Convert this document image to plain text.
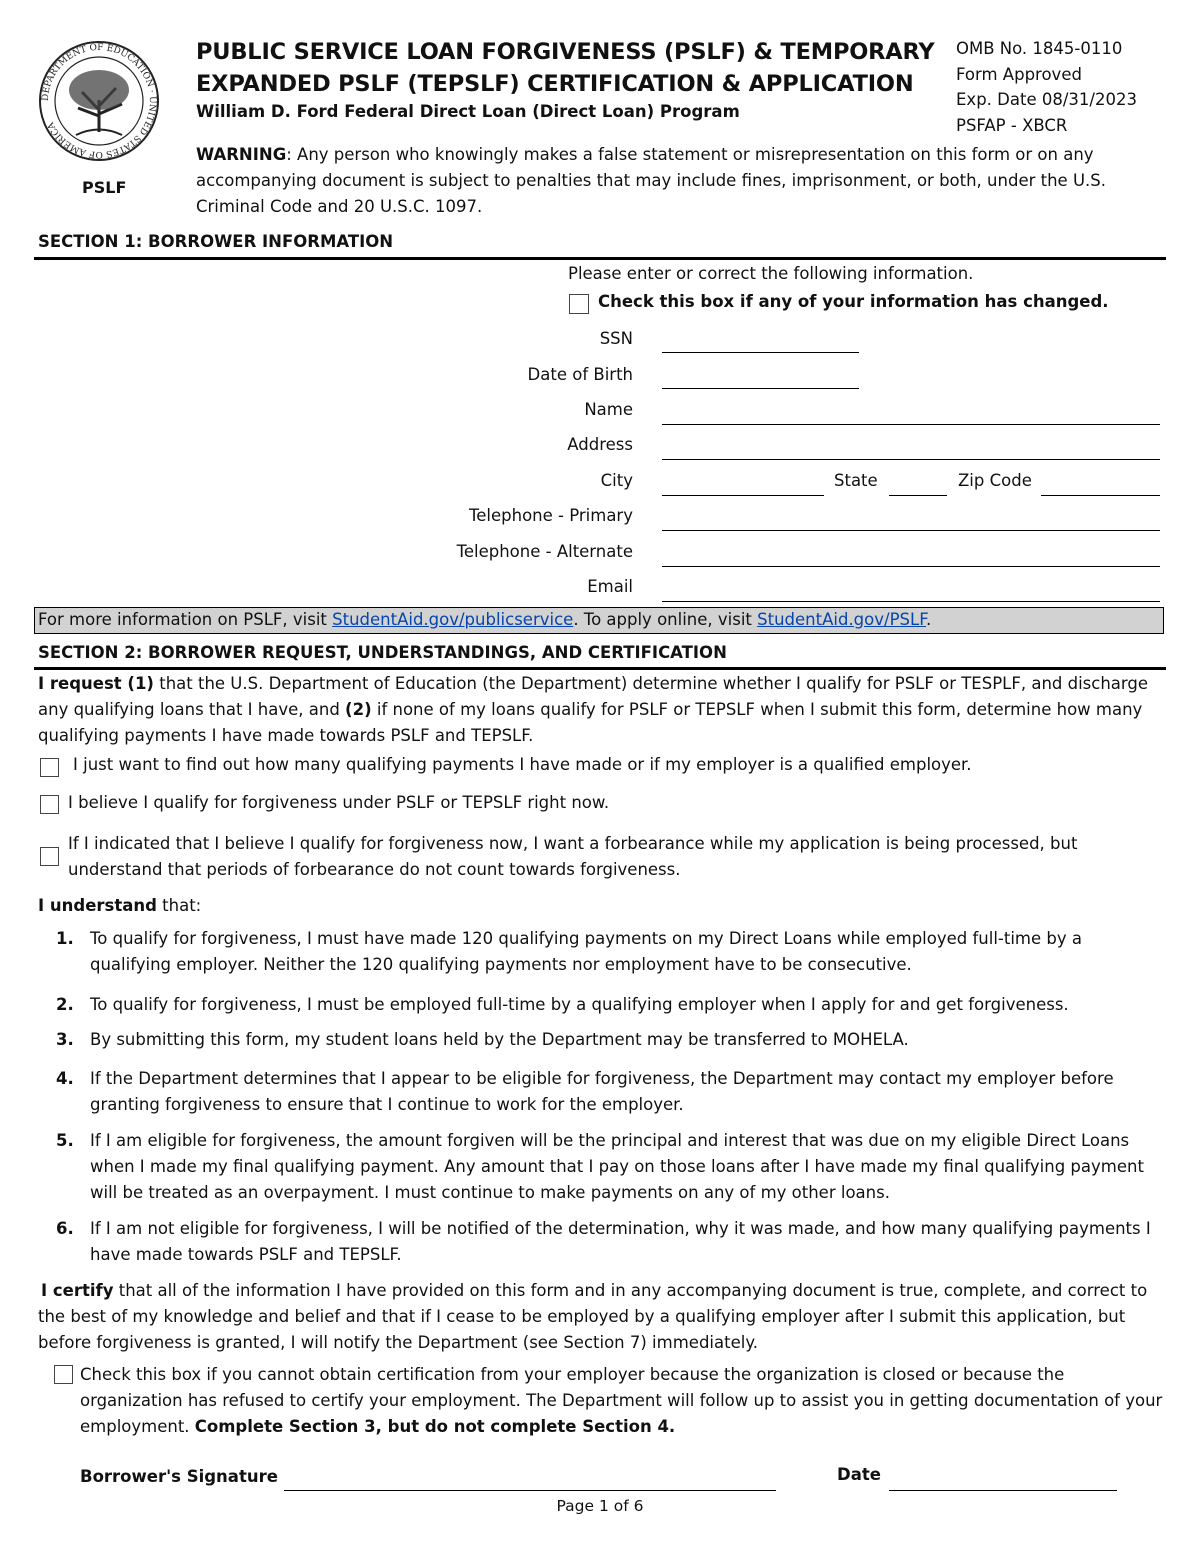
DEPARTMENT OF EDUCATION · UNITED STATES OF AMERICA
PSLF
PUBLIC SERVICE LOAN FORGIVENESS (PSLF) & TEMPORARY
EXPANDED PSLF (TEPSLF) CERTIFICATION & APPLICATION
William D. Ford Federal Direct Loan (Direct Loan) Program
OMB No. 1845-0110
Form Approved
Exp. Date 08/31/2023
PSFAP - XBCR
WARNING: Any person who knowingly makes a false statement or misrepresentation on this form or on any accompanying document is subject to penalties that may include fines, imprisonment, or both, under the U.S. Criminal Code and 20 U.S.C. 1097.
SECTION 1: BORROWER INFORMATION
Please enter or correct the following information.
Check this box if any of your information has changed.
SSN
Date of Birth
Name
Address
City	State	Zip Code
Telephone - Primary
Telephone - Alternate
Email
For more information on PSLF, visit StudentAid.gov/publicservice. To apply online, visit StudentAid.gov/PSLF.
SECTION 2: BORROWER REQUEST, UNDERSTANDINGS, AND CERTIFICATION
I request (1) that the U.S. Department of Education (the Department) determine whether I qualify for PSLF or TESPLF, and discharge any qualifying loans that I have, and (2) if none of my loans qualify for PSLF or TEPSLF when I submit this form, determine how many qualifying payments I have made towards PSLF and TEPSLF.
I just want to find out how many qualifying payments I have made or if my employer is a qualified employer.
I believe I qualify for forgiveness under PSLF or TEPSLF right now.
If I indicated that I believe I qualify for forgiveness now, I want a forbearance while my application is being processed, but understand that periods of forbearance do not count towards forgiveness.
I understand that:
1. To qualify for forgiveness, I must have made 120 qualifying payments on my Direct Loans while employed full-time by a qualifying employer. Neither the 120 qualifying payments nor employment have to be consecutive.
2. To qualify for forgiveness, I must be employed full-time by a qualifying employer when I apply for and get forgiveness.
3. By submitting this form, my student loans held by the Department may be transferred to MOHELA.
4. If the Department determines that I appear to be eligible for forgiveness, the Department may contact my employer before granting forgiveness to ensure that I continue to work for the employer.
5. If I am eligible for forgiveness, the amount forgiven will be the principal and interest that was due on my eligible Direct Loans when I made my final qualifying payment. Any amount that I pay on those loans after I have made my final qualifying payment will be treated as an overpayment. I must continue to make payments on any of my other loans.
6. If I am not eligible for forgiveness, I will be notified of the determination, why it was made, and how many qualifying payments I have made towards PSLF and TEPSLF.
I certify that all of the information I have provided on this form and in any accompanying document is true, complete, and correct to the best of my knowledge and belief and that if I cease to be employed by a qualifying employer after I submit this application, but before forgiveness is granted, I will notify the Department (see Section 7) immediately.
Check this box if you cannot obtain certification from your employer because the organization is closed or because the organization has refused to certify your employment. The Department will follow up to assist you in getting documentation of your employment. Complete Section 3, but do not complete Section 4.
Borrower's Signature	Date
Page 1 of 6
